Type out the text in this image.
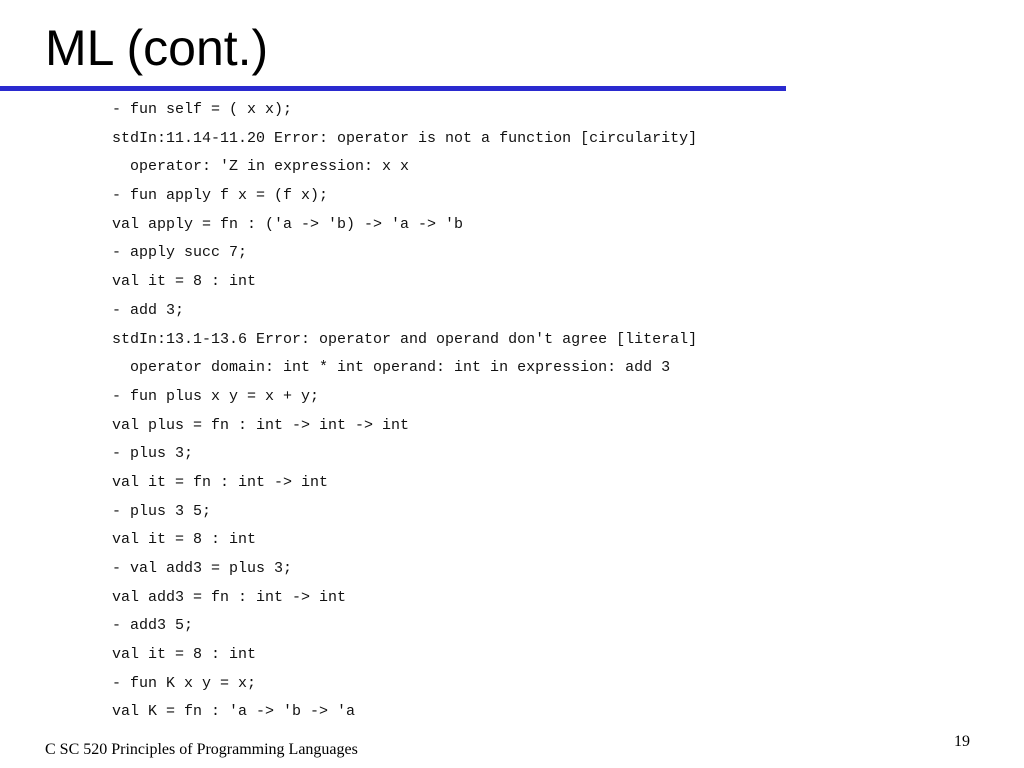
ML (cont.)
- fun self = ( x x);
stdIn:11.14-11.20 Error: operator is not a function [circularity]
operator: 'Z in expression: x x
- fun apply f x = (f x);
val apply = fn : ('a -> 'b) -> 'a -> 'b
- apply succ 7;
val it = 8 : int
- add 3;
stdIn:13.1-13.6 Error: operator and operand don't agree [literal]
operator domain: int * int operand: int in expression: add 3
- fun plus x y = x + y;
val plus = fn : int -> int -> int
- plus 3;
val it = fn : int -> int
- plus 3 5;
val it = 8 : int
- val add3 = plus 3;
val add3 = fn : int -> int
- add3 5;
val it = 8 : int
- fun K x y = x;
val K = fn : 'a -> 'b -> 'a
C SC 520 Principles of Programming Languages	19
